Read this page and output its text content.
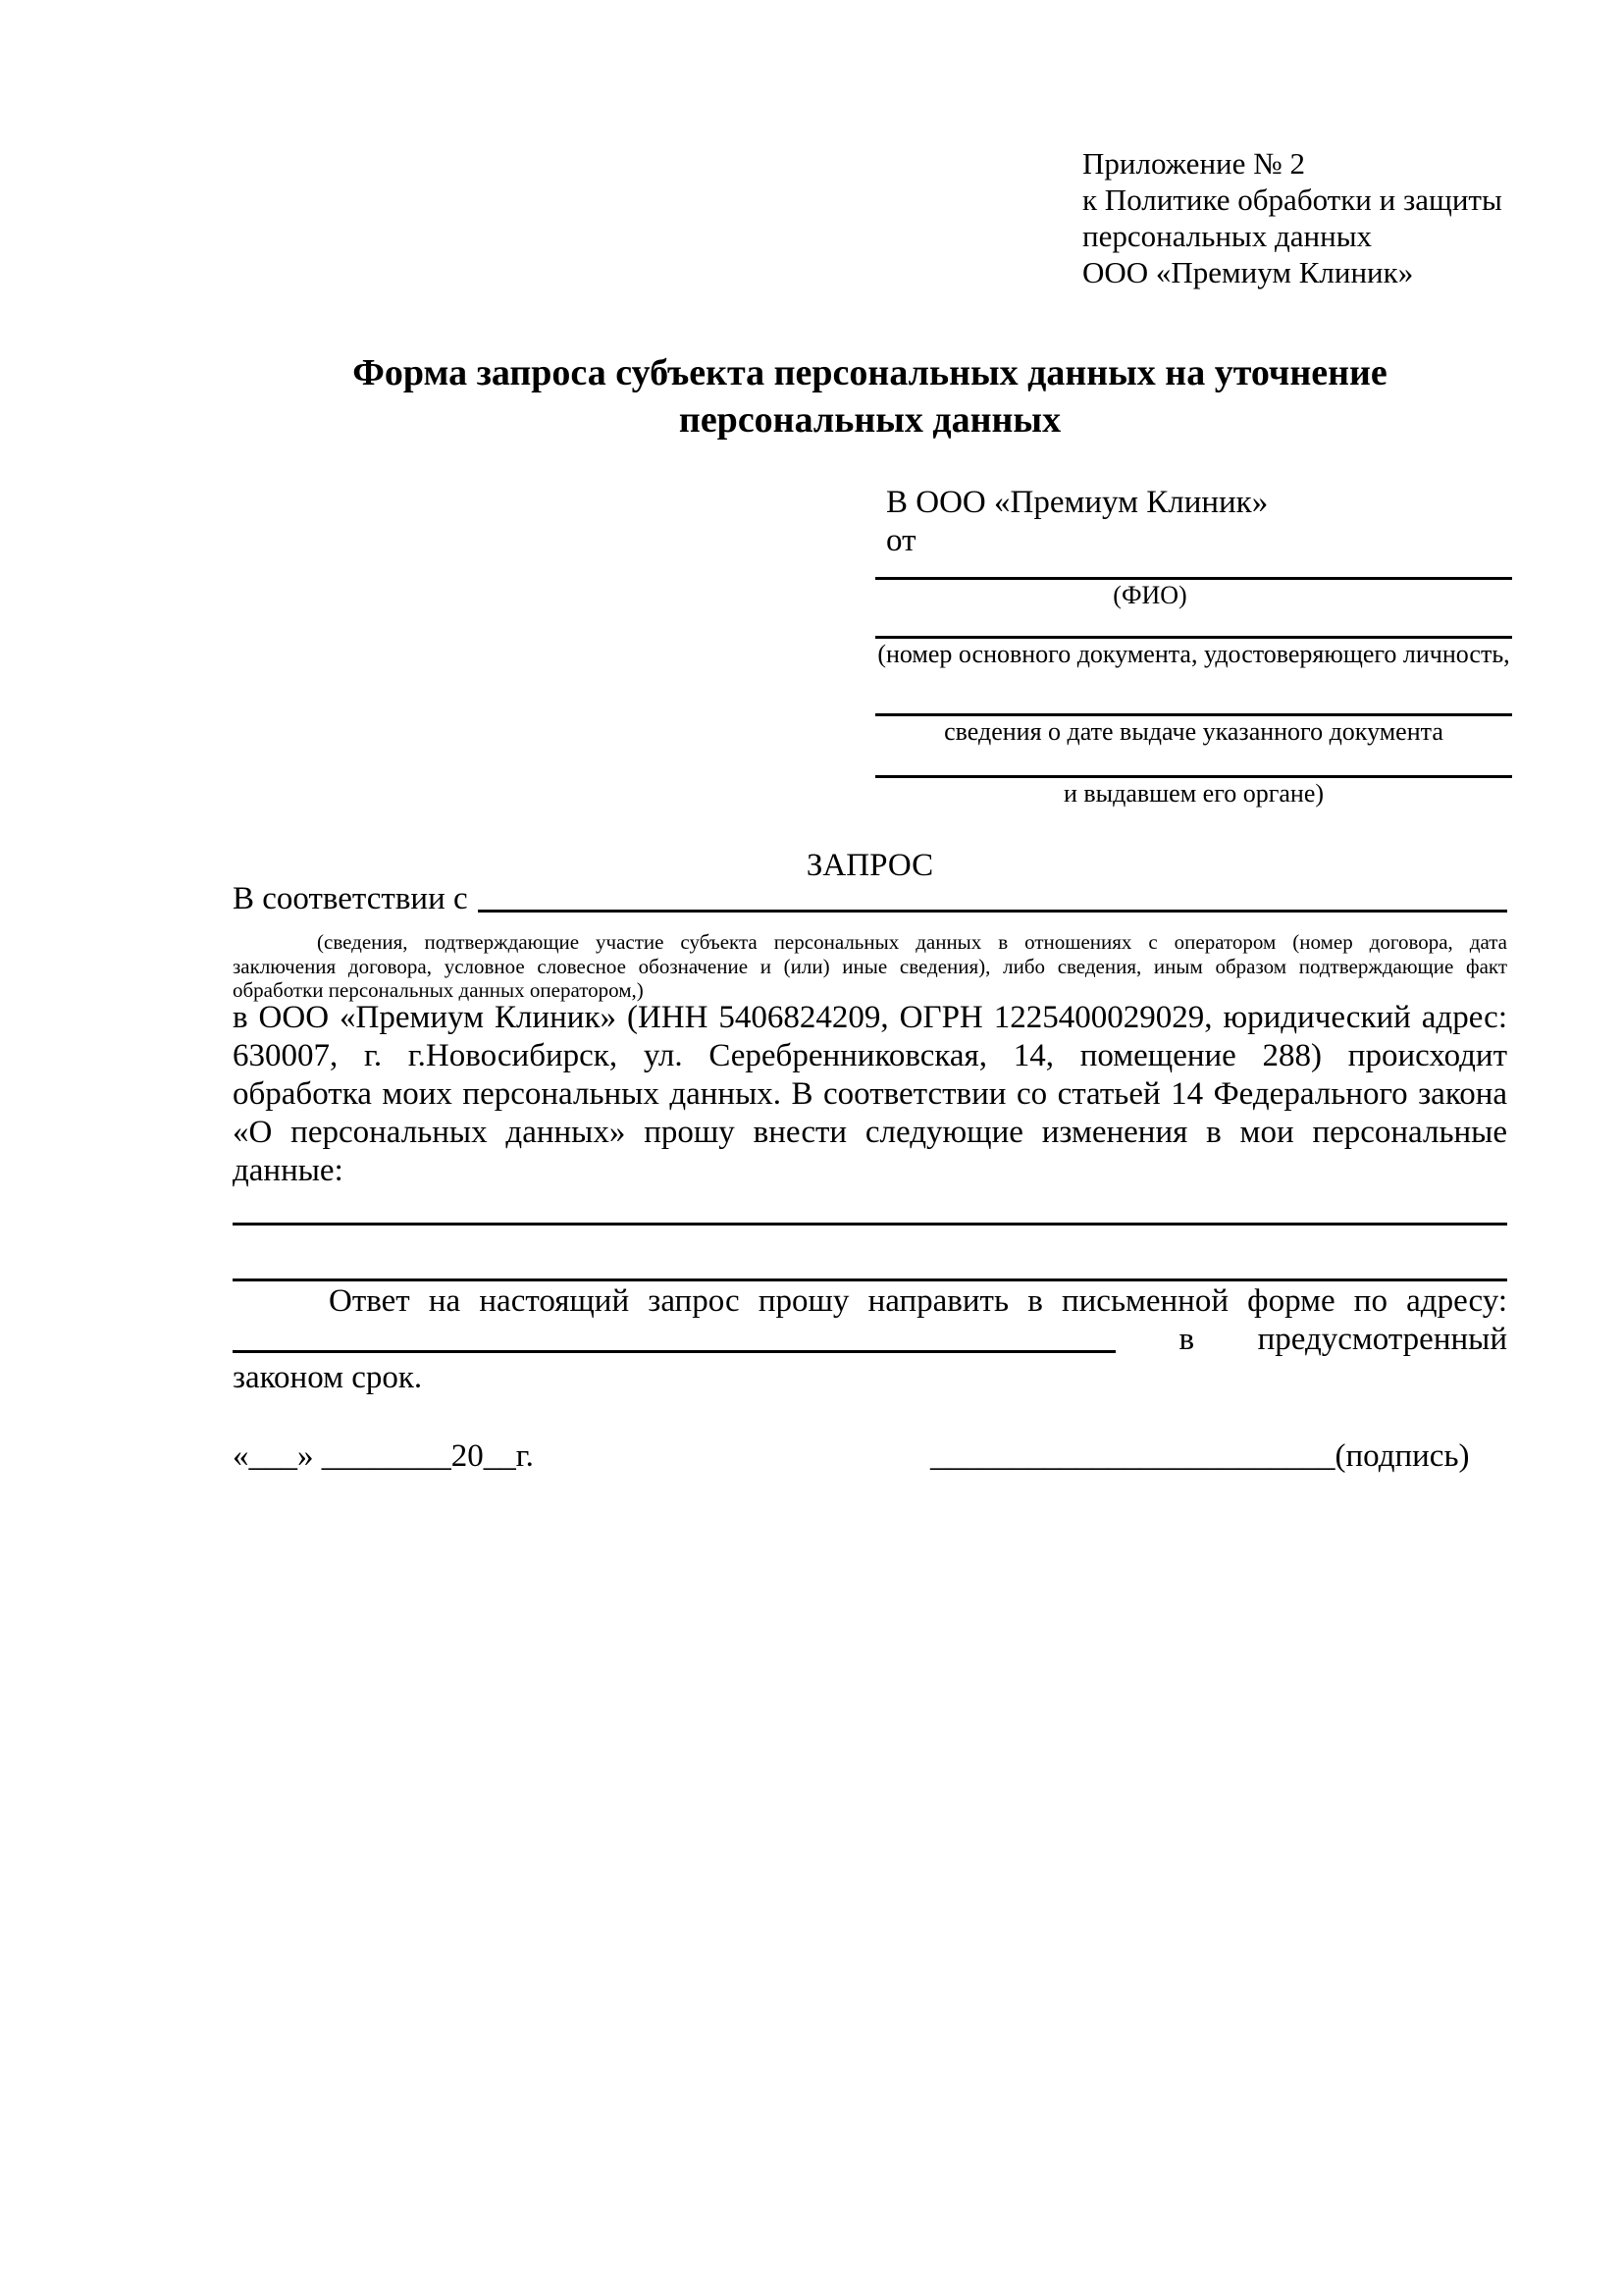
Приложение № 2
к Политике обработки и защиты
персональных данных
ООО «Премиум Клиник»
Форма запроса субъекта персональных данных на уточнение
персональных данных
В ООО «Премиум Клиник»
от
(ФИО)
(номер основного документа, удостоверяющего личность,
сведения о дате выдаче указанного документа
и выдавшем его органе)
ЗАПРОС
В соответствии с
(сведения, подтверждающие участие субъекта персональных данных в отношениях с оператором (номер договора, дата
заключения договора, условное словесное обозначение и (или) иные сведения), либо сведения, иным образом подтверждающие факт
обработки персональных данных оператором,)
в ООО «Премиум Клиник» (ИНН 5406824209, ОГРН 1225400029029, юридический адрес:
630007, г. г.Новосибирск, ул. Серебренниковская, 14, помещение 288) происходит
обработка моих персональных данных. В соответствии со статьей 14 Федерального закона
«О персональных данных» прошу внести следующие изменения в мои персональные
данные:
Ответ на настоящий запрос прошу направить в письменной форме по адресу:
в предусмотренный
законом срок.
«___» ________20__г.	_________________________(подпись)
